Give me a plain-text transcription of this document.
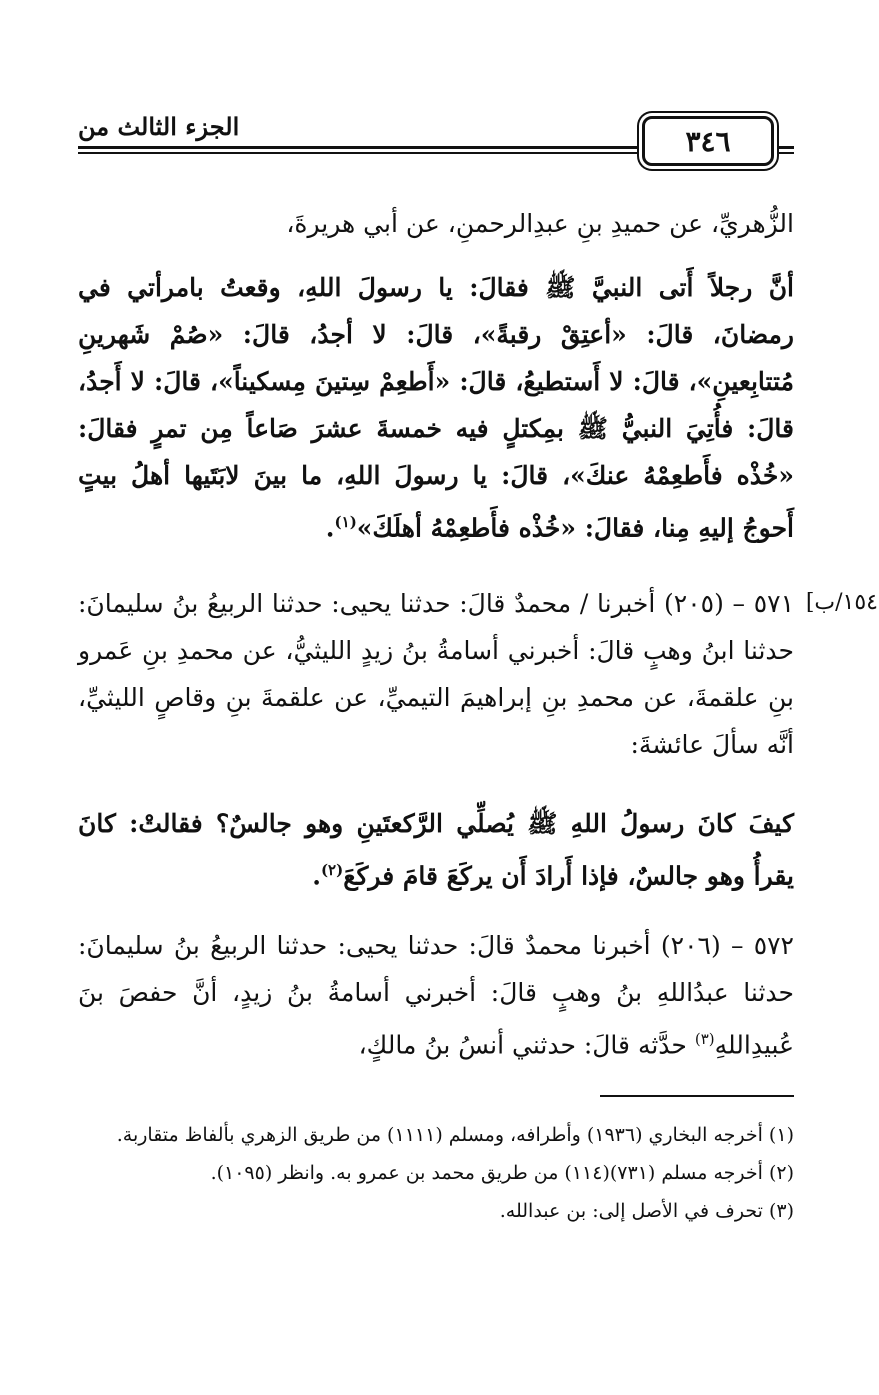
الجزء الثالث من	٣٤٦
١٥٤/ب]

الزُّهريِّ، عن حميدِ بنِ عبدِالرحمنِ، عن أبي هريرةَ،

أنَّ رجلاً أَتى النبيَّ ﷺ فقالَ: يا رسولَ اللهِ، وقعتُ بامرأتي في رمضانَ، قالَ: «أعتِقْ رقبةً»، قالَ: لا أجدُ، قالَ: «صُمْ شَهرينِ مُتتابِعينِ»، قالَ: لا أَستطيعُ، قالَ: «أَطعِمْ سِتينَ مِسكيناً»، قالَ: لا أَجدُ، قالَ: فأُتِيَ النبيُّ ﷺ بمِكتلٍ فيه خمسةَ عشرَ صَاعاً مِن تمرٍ فقالَ: «خُذْه فأَطعِمْهُ عنكَ»، قالَ: يا رسولَ اللهِ، ما بينَ لابَتَيها أهلُ بيتٍ أَحوجُ إليهِ مِنا، فقالَ: «خُذْه فأَطعِمْهُ أهلَكَ»$^{(١)}$.

٥٧١ – (٢٠٥) أخبرنا / محمدٌ قالَ: حدثنا يحيى: حدثنا الربيعُ بنُ سليمانَ: حدثنا ابنُ وهبٍ قالَ: أخبرني أسامةُ بنُ زيدٍ الليثيُّ، عن محمدِ بنِ عَمرو بنِ علقمةَ، عن محمدِ بنِ إبراهيمَ التيميِّ، عن علقمةَ بنِ وقاصٍ الليثيِّ، أنَّه سألَ عائشةَ:

كيفَ كانَ رسولُ اللهِ ﷺ يُصلِّي الرَّكعتَينِ وهو جالسٌ؟ فقالتْ: كانَ يقرأُ وهو جالسٌ، فإذا أَرادَ أَن يركَعَ قامَ فركَعَ$^{(٢)}$.

٥٧٢ – (٢٠٦) أخبرنا محمدٌ قالَ: حدثنا يحيى: حدثنا الربيعُ بنُ سليمانَ: حدثنا عبدُاللهِ بنُ وهبٍ قالَ: أخبرني أسامةُ بنُ زيدٍ، أنَّ حفصَ بنَ عُبيدِاللهِ$^{(٣)}$ حدَّثه قالَ: حدثني أنسُ بنُ مالكٍ،

(١) أخرجه البخاري (١٩٣٦) وأطرافه، ومسلم (١١١١) من طريق الزهري بألفاظ متقاربة.

(٢) أخرجه مسلم (٧٣١)(١١٤) من طريق محمد بن عمرو به. وانظر (١٠٩٥).

(٣) تحرف في الأصل إلى: بن عبدالله.
